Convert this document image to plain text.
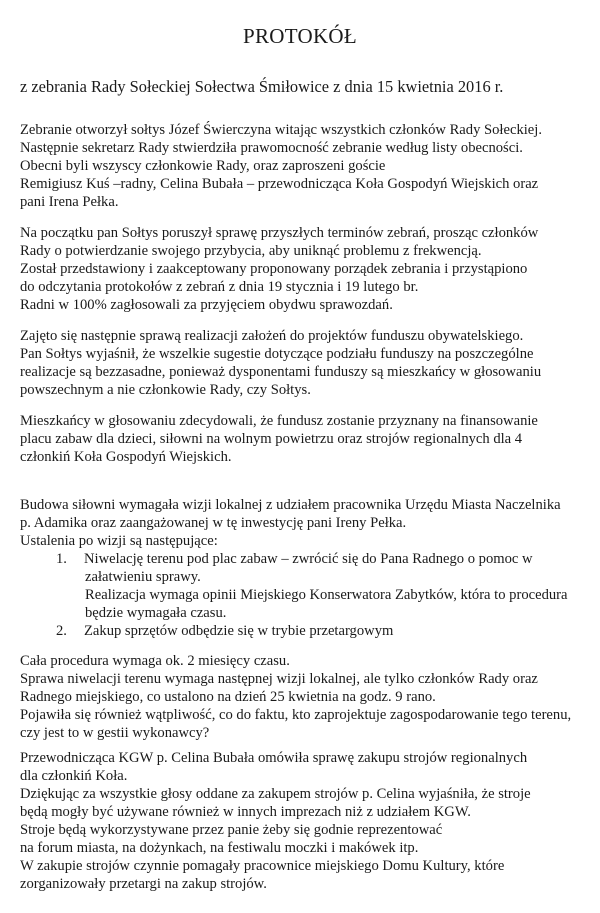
PROTOKÓŁ
z zebrania Rady Sołeckiej Sołectwa Śmiłowice z dnia 15 kwietnia 2016 r.
Zebranie otworzył sołtys Józef Świerczyna witając wszystkich członków Rady Sołeckiej.
Następnie sekretarz Rady stwierdziła prawomocność zebranie według listy obecności.
Obecni byli wszyscy członkowie Rady, oraz zaproszeni goście
Remigiusz Kuś –radny, Celina Bubała – przewodnicząca Koła Gospodyń Wiejskich oraz
pani Irena Pełka.
Na początku pan Sołtys poruszył sprawę przyszłych terminów zebrań, prosząc członków
Rady o potwierdzanie swojego przybycia, aby uniknąć problemu z frekwencją.
Został przedstawiony i zaakceptowany proponowany porządek zebrania i przystąpiono
do odczytania protokołów z zebrań z dnia 19 stycznia i 19 lutego br.
Radni w 100% zagłosowali za przyjęciem obydwu sprawozdań.
Zajęto się następnie sprawą realizacji założeń do projektów funduszu obywatelskiego.
Pan Sołtys wyjaśnił, że wszelkie sugestie dotyczące podziału funduszy na poszczególne
realizacje są bezzasadne, ponieważ dysponentami funduszy są mieszkańcy w głosowaniu
powszechnym a nie członkowie Rady, czy Sołtys.
Mieszkańcy w głosowaniu zdecydowali, że fundusz zostanie przyznany na finansowanie
placu zabaw dla dzieci, siłowni na wolnym powietrzu oraz strojów regionalnych dla 4
członkiń Koła Gospodyń Wiejskich.
Budowa siłowni wymagała wizji lokalnej z udziałem pracownika Urzędu Miasta Naczelnika
p. Adamika oraz zaangażowanej w tę inwestycję pani Ireny Pełka.
Ustalenia po wizji są następujące:
1. Niwelację terenu pod plac zabaw – zwrócić się do Pana Radnego o pomoc w
załatwieniu sprawy.
Realizacja wymaga opinii Miejskiego Konserwatora Zabytków, która to procedura
będzie wymagała czasu.
2. Zakup sprzętów odbędzie się w trybie przetargowym
Cała procedura wymaga ok. 2 miesięcy czasu.
Sprawa niwelacji terenu wymaga następnej wizji lokalnej, ale tylko członków Rady oraz
Radnego miejskiego, co ustalono na dzień 25 kwietnia na godz. 9 rano.
Pojawiła się również wątpliwość, co do faktu, kto zaprojektuje zagospodarowanie tego terenu,
czy jest to w gestii wykonawcy?
Przewodnicząca KGW p. Celina Bubała omówiła sprawę zakupu strojów regionalnych
dla członkiń Koła.
Dziękując za wszystkie głosy oddane za zakupem strojów p. Celina wyjaśniła, że stroje
będą mogły być używane również w innych imprezach niż z udziałem KGW.
Stroje będą wykorzystywane przez panie żeby się godnie reprezentować
na forum miasta, na dożynkach, na festiwalu moczki i makówek itp.
W zakupie strojów czynnie pomagały pracownice miejskiego Domu Kultury, które
zorganizowały przetargi na zakup strojów.
